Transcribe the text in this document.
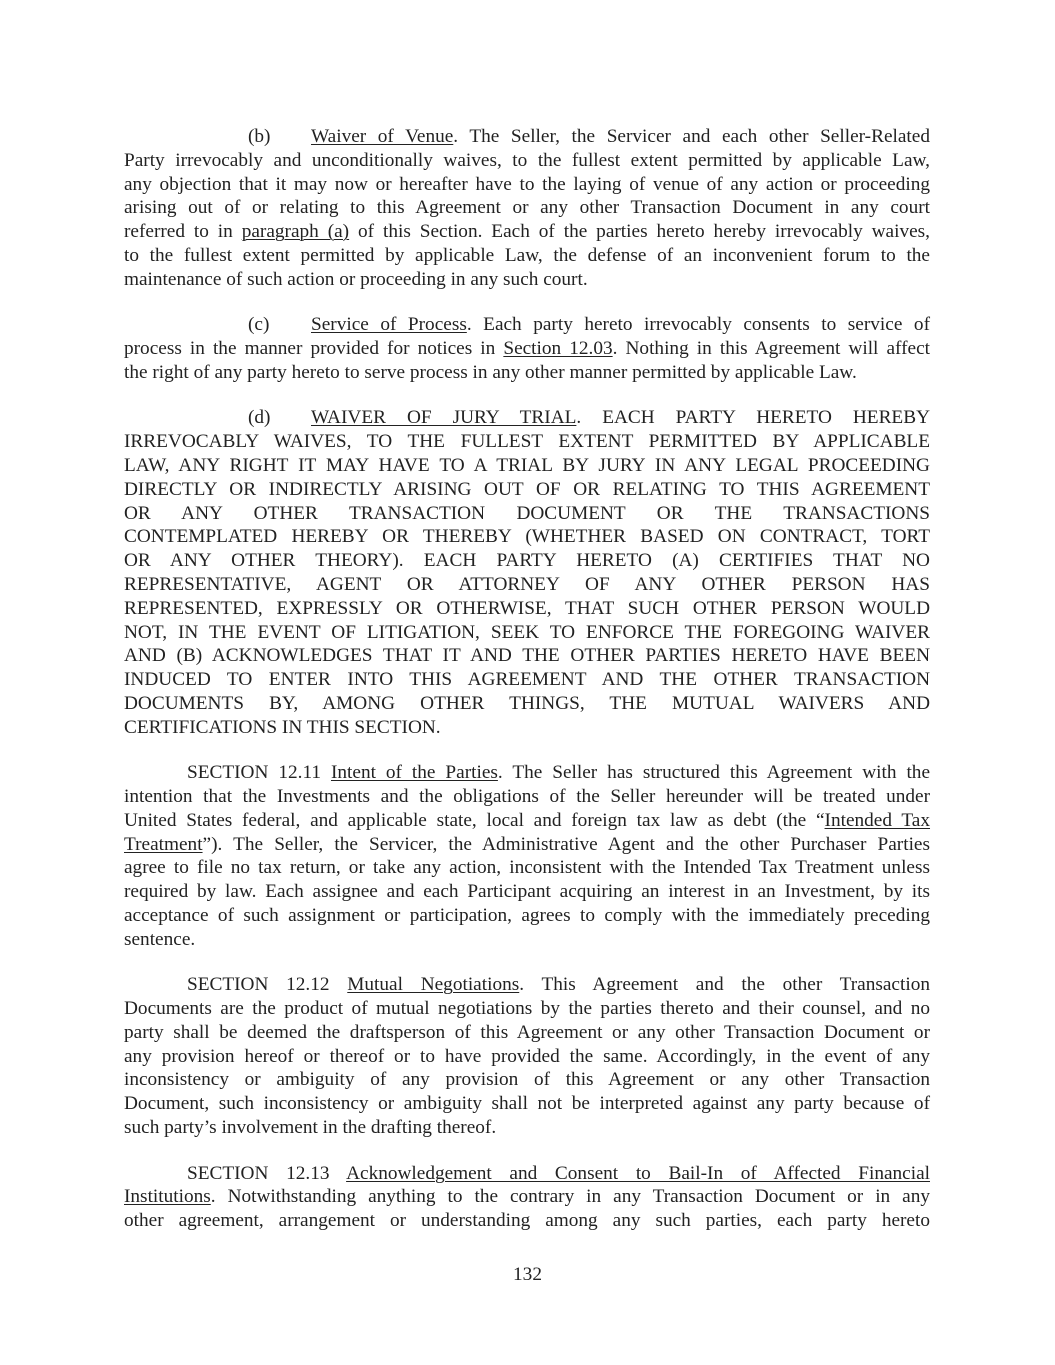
(b) Waiver of Venue. The Seller, the Servicer and each other Seller-Related
Party irrevocably and unconditionally waives, to the fullest extent permitted by applicable Law,
any objection that it may now or hereafter have to the laying of venue of any action or proceeding
arising out of or relating to this Agreement or any other Transaction Document in any court
referred to in paragraph (a) of this Section. Each of the parties hereto hereby irrevocably waives,
to the fullest extent permitted by applicable Law, the defense of an inconvenient forum to the
maintenance of such action or proceeding in any such court.
(c) Service of Process. Each party hereto irrevocably consents to service of
process in the manner provided for notices in Section 12.03. Nothing in this Agreement will affect
the right of any party hereto to serve process in any other manner permitted by applicable Law.
(d) WAIVER OF JURY TRIAL. EACH PARTY HERETO HEREBY
IRREVOCABLY WAIVES, TO THE FULLEST EXTENT PERMITTED BY APPLICABLE
LAW, ANY RIGHT IT MAY HAVE TO A TRIAL BY JURY IN ANY LEGAL PROCEEDING
DIRECTLY OR INDIRECTLY ARISING OUT OF OR RELATING TO THIS AGREEMENT
OR ANY OTHER TRANSACTION DOCUMENT OR THE TRANSACTIONS
CONTEMPLATED HEREBY OR THEREBY (WHETHER BASED ON CONTRACT, TORT
OR ANY OTHER THEORY). EACH PARTY HERETO (A) CERTIFIES THAT NO
REPRESENTATIVE, AGENT OR ATTORNEY OF ANY OTHER PERSON HAS
REPRESENTED, EXPRESSLY OR OTHERWISE, THAT SUCH OTHER PERSON WOULD
NOT, IN THE EVENT OF LITIGATION, SEEK TO ENFORCE THE FOREGOING WAIVER
AND (B) ACKNOWLEDGES THAT IT AND THE OTHER PARTIES HERETO HAVE BEEN
INDUCED TO ENTER INTO THIS AGREEMENT AND THE OTHER TRANSACTION
DOCUMENTS BY, AMONG OTHER THINGS, THE MUTUAL WAIVERS AND
CERTIFICATIONS IN THIS SECTION.
SECTION 12.11 Intent of the Parties. The Seller has structured this Agreement with the
intention that the Investments and the obligations of the Seller hereunder will be treated under
United States federal, and applicable state, local and foreign tax law as debt (the “Intended Tax
Treatment”). The Seller, the Servicer, the Administrative Agent and the other Purchaser Parties
agree to file no tax return, or take any action, inconsistent with the Intended Tax Treatment unless
required by law. Each assignee and each Participant acquiring an interest in an Investment, by its
acceptance of such assignment or participation, agrees to comply with the immediately preceding
sentence.
SECTION 12.12 Mutual Negotiations. This Agreement and the other Transaction
Documents are the product of mutual negotiations by the parties thereto and their counsel, and no
party shall be deemed the draftsperson of this Agreement or any other Transaction Document or
any provision hereof or thereof or to have provided the same. Accordingly, in the event of any
inconsistency or ambiguity of any provision of this Agreement or any other Transaction
Document, such inconsistency or ambiguity shall not be interpreted against any party because of
such party’s involvement in the drafting thereof.
SECTION 12.13 Acknowledgement and Consent to Bail-In of Affected Financial
Institutions. Notwithstanding anything to the contrary in any Transaction Document or in any
other agreement, arrangement or understanding among any such parties, each party hereto
132
